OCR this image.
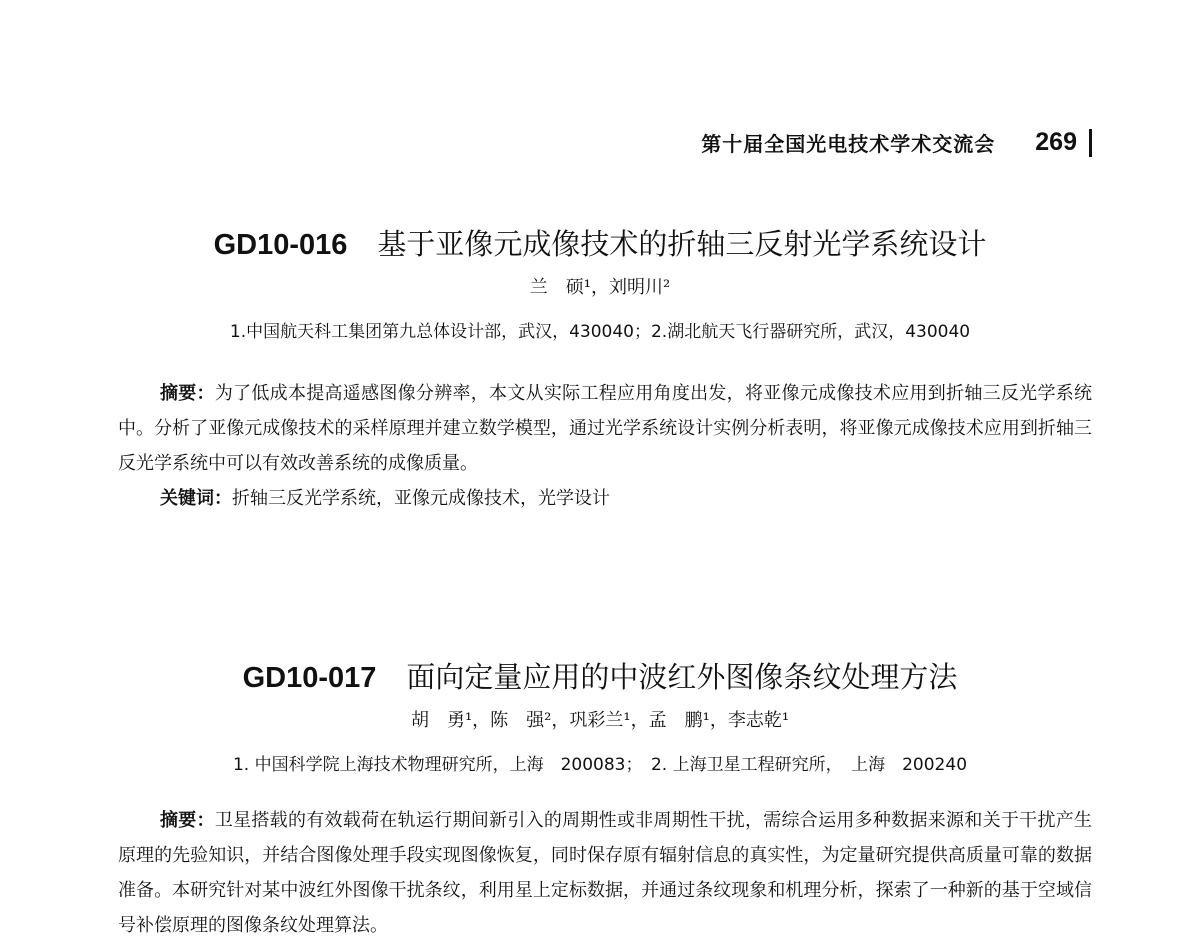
第十届全国光电技术学术交流会 269
GD10-016 基于亚像元成像技术的折轴三反射光学系统设计
兰　硕¹，刘明川²
1.中国航天科工集团第九总体设计部，武汉，430040；2.湖北航天飞行器研究所，武汉，430040

摘要：为了低成本提高遥感图像分辨率，本文从实际工程应用角度出发，将亚像元成像技术应用到折轴三反光学系统中。分析了亚像元成像技术的采样原理并建立数学模型，通过光学系统设计实例分析表明，将亚像元成像技术应用到折轴三反光学系统中可以有效改善系统的成像质量。

关键词：折轴三反光学系统，亚像元成像技术，光学设计

GD10-017 面向定量应用的中波红外图像条纹处理方法
胡　勇¹，陈　强²，巩彩兰¹，孟　鹏¹，李志乾¹
1. 中国科学院上海技术物理研究所，上海　200083；　2. 上海卫星工程研究所，　上海　200240

摘要：卫星搭载的有效载荷在轨运行期间新引入的周期性或非周期性干扰，需综合运用多种数据来源和关于干扰产生原理的先验知识，并结合图像处理手段实现图像恢复，同时保存原有辐射信息的真实性，为定量研究提供高质量可靠的数据准备。本研究针对某中波红外图像干扰条纹，利用星上定标数据，并通过条纹现象和机理分析，探索了一种新的基于空域信号补偿原理的图像条纹处理算法。
